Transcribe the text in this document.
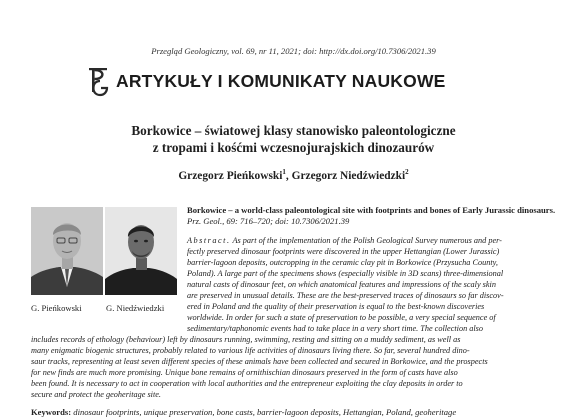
Przegląd Geologiczny, vol. 69, nr 11, 2021; doi: http://dx.doi.org/10.7306/2021.39
ARTYKUŁY I KOMUNIKATY NAUKOWE
Borkowice – światowej klasy stanowisko paleontologiczne
z tropami i kośćmi wczesnojurajskich dinozaurów
Grzegorz Pieńkowski$^1$, Grzegorz Niedźwiedzki$^2$
G. Pieńkowski	G. Niedźwiedzki
Borkowice – a world-class paleontological site with footprints and bones of Early Jurassic dinosaurs.
Prz. Geol., 69: 716–720; doi: 10.7306/2021.39
Abstract. As part of the implementation of the Polish Geological Survey numerous and per-
fectly preserved dinosaur footprints were discovered in the upper Hettangian (Lower Jurassic)
barrier-lagoon deposits, outcropping in the ceramic clay pit in Borkowice (Przysucha County,
Poland). A large part of the specimens shows (especially visible in 3D scans) three-dimensional
natural casts of dinosaur feet, on which anatomical features and impressions of the scaly skin
are preserved in unusual details. These are the best-preserved traces of dinosaurs so far discov-
ered in Poland and the quality of their preservation is equal to the best-known discoveries
worldwide. In order for such a state of preservation to be possible, a very special sequence of
sedimentary/taphonomic events had to take place in a very short time. The collection also
includes records of ethology (behaviour) left by dinosaurs running, swimming, resting and sitting on a muddy sediment, as well as
many enigmatic biogenic structures, probably related to various life activities of dinosaurs living there. So far, several hundred dino-
saur tracks, representing at least seven different species of these animals have been collected and secured in Borkowice, and the prospects
for new finds are much more promising. Unique bone remains of ornithischian dinosaurs preserved in the form of casts have also
been found. It is necessary to act in cooperation with local authorities and the entrepreneur exploiting the clay deposits in order to
secure and protect the geoheritage site.
Keywords: dinosaur footprints, unique preservation, bone casts, barrier-lagoon deposits, Hettangian, Poland, geoheritage
